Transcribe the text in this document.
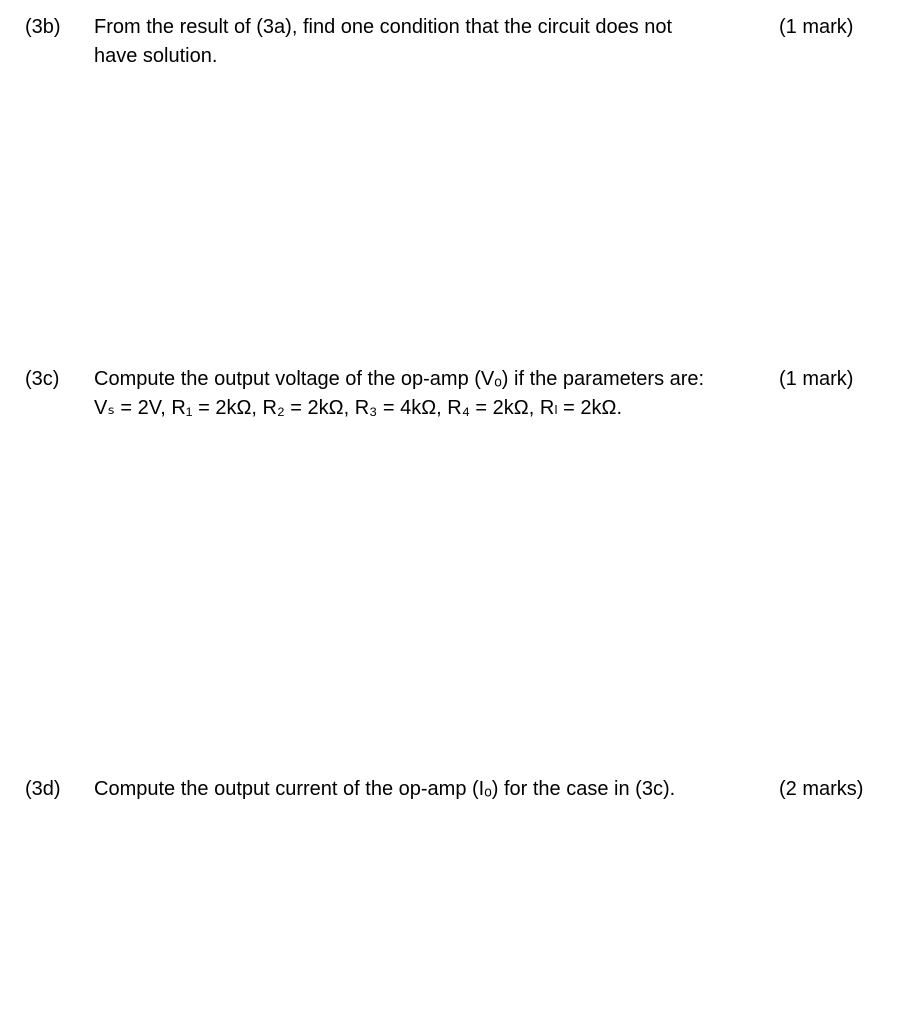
(3b) From the result of (3a), find one condition that the circuit does not
have solution.
(1 mark)
(3c) Compute the output voltage of the op-amp (Vₒ) if the parameters are:
Vₛ = 2V, R₁ = 2kΩ, R₂ = 2kΩ, R₃ = 4kΩ, R₄ = 2kΩ, Rₗ = 2kΩ.
(1 mark)
(3d) Compute the output current of the op-amp (Iₒ) for the case in (3c).	(2 marks)
